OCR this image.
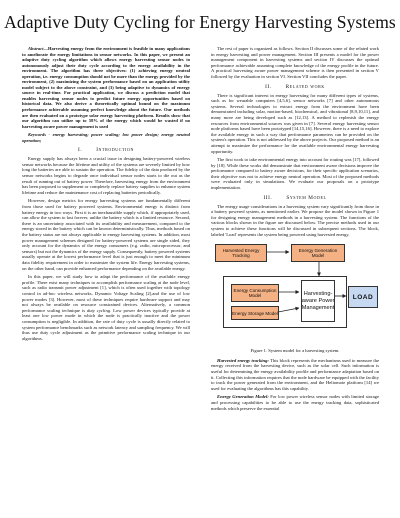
Adaptive Duty Cycling for Energy Harvesting Systems

Abstract—Harvesting energy from the environment is feasible in many applications to ameliorate the energy limitations in sensor networks. In this paper, we present an adaptive duty cycling algorithm which allows energy harvesting sensor nodes to autonomously adjust their duty cycle according to the energy availability in the environment. The algorithm has three objectives: (1) achieving energy neutral operation, i.e. energy consumption should not be more than the energy provided by the environment, (2) maximizing the system performance based on an application utility model subject to the above constraint, and (3) being adaptive to dynamics of energy source in real-time. For practical application, we discuss a prediction model that enables harvesting sensor nodes to predict future energy opportunities based on historical data. We also derive a theoretically optimal bound on the maximum performance achievable assuming perfect knowledge about the future. Our methods are then evaluated on a prototype solar energy harvesting platform. Results show that our algorithm can utilize up to 58% of the energy which would be wasted if no harvesting aware power management is used

Keywords - energy harvesting; power scaling; low power design; energy neutral operation;

I.	Introduction

Energy supply has always been a crucial issue in designing battery-powered wireless sensor networks because the lifetime and utility of the systems are severely limited by how long the batteries are able to sustain the operation. The fidelity of the data produced by the sensor networks begins to degrade once individual sensor nodes starts to die out as the result of running out of battery power. Therefore, harvesting energy from the environment has been proposed to supplement or completely replace battery supplies to enhance system lifetime and reduce the maintenance cost of replacing batteries periodically.

However, design metrics for energy harvesting systems are fundamentally different from those used for battery powered systems. Environmental energy is distinct from battery energy in two ways. First it is an inexhaustible supply which, if appropriately used, can allow the system to last forever, unlike the battery which is a limited resource. Second, there is an uncertainty associated with its availability and measurement, compared to the energy stored in the battery which can be known deterministically. Thus, methods based on the battery status are not always applicable to energy harvesting systems. In addition, most power management schemes designed for battery-powered systems are single sided, they only account for the dynamics of the energy consumers (e.g. radio, microprocessor, and sensors) but not the dynamics of the energy supply. Consequently, battery powered systems usually operate at the lowest performance level that is just enough to meet the minimum data fidelity requirement in order to maximize the system life. Energy harvesting systems, on the other hand, can provide enhanced performance depending on the available energy.

In this paper, we will study how to adapt the performance of the available energy profile. There exist many techniques to accomplish performance scaling at the node level, such as radio transmit power adjustment [1], which is often used together with topology control in ad-hoc wireless networks, Dynamic Voltage Scaling [2],and the use of low power modes [3]. However, most of these techniques require hardware support and may not always be available on resource constrained devices. Alternatively, a common performance scaling technique is duty cycling. Low power devices typically provide at least one low power mode in which the node is practically inactive and the power consumption is negligible. In addition, the rate of duty cycle is usually directly related to system performance benchmarks such as network latency and sampling frequency. We will thus use duty cycle adjustment as the primitive performance scaling technique in our algorithms.

The rest of paper is organized as follows. Section II discusses some of the related work in energy harvesting and power management. Section III presents a model for the power management component in harvesting systems and section IV discusses the optimal performance achievable assuming complete knowledge of the energy profile in the future. A practical harvesting aware power management scheme is then presented in section V followed by the evaluation in section VI. Section VII concludes the paper.

II.	Related work

There is significant interest in energy harvesting for many different types of systems, such as for wearable computers [4,5,6], sensor networks [7] and other autonomous systems. Several technologies to extract energy from the environment have been demonstrated including solar, motion-based, biochemical, and vibrational [8,9,10,11], and many more are being developed such as [12,13]. A method to replenish the energy resources from environmental sources was given in [7]. Several energy harvesting sensor node platforms based have been prototyped [14,15,16]. However, there is a need to explore the available energy in such a way that performance parameters can be provided on the system's operation. This is not addressed by the above projects. Our proposed method is an attempt to maximize the performance for the available environmental energy harvesting opportunity.

The first work to take environmental energy into account for routing was [17], followed by [18]. While these works did demonstrate that environment aware decisions improve the performance compared to battery aware decisions, for their specific application scenarios, their objective was not to achieve energy neutral operation. Most of the proposed methods were evaluated only in simulations. We evaluate our proposals on a prototype implementation.

III.	System Model

The energy usage considerations in a harvesting system vary significantly from those in a battery powered system, as mentioned earlier. We propose the model shown in Figure 1 for designing energy management methods in a harvesting system. The functions of the various blocks shown in the figure are discussed below. The precise methods used in our system to achieve these functions will be discussed in subsequent sections. The block, labeled 'Load' represents the system being powered using harvested energy.

Harvested Energy Tracking
Energy Generation Model
Energy Consumption Model
Energy Storage Model
Harvesting-aware Power Management
LOAD
Figure 1. System model for a harvesting system.

Harvested energy tracking: This block represents the mechanisms used to measure the energy received from the harvesting device, such as the solar cell. Such information is useful for determining the energy availability profile and performance adaptation based on it. Collecting this information requires that the node hardware be equipped with the facility to track the power generated from the environment, and the Heliomote platform [14] we used for evaluating the algorithms has this capability.

Energy Generation Model: For low power wireless sensor nodes with limited storage and processing capabilities to be able to use the energy tracking data, sophisticated methods which preserve the essential
